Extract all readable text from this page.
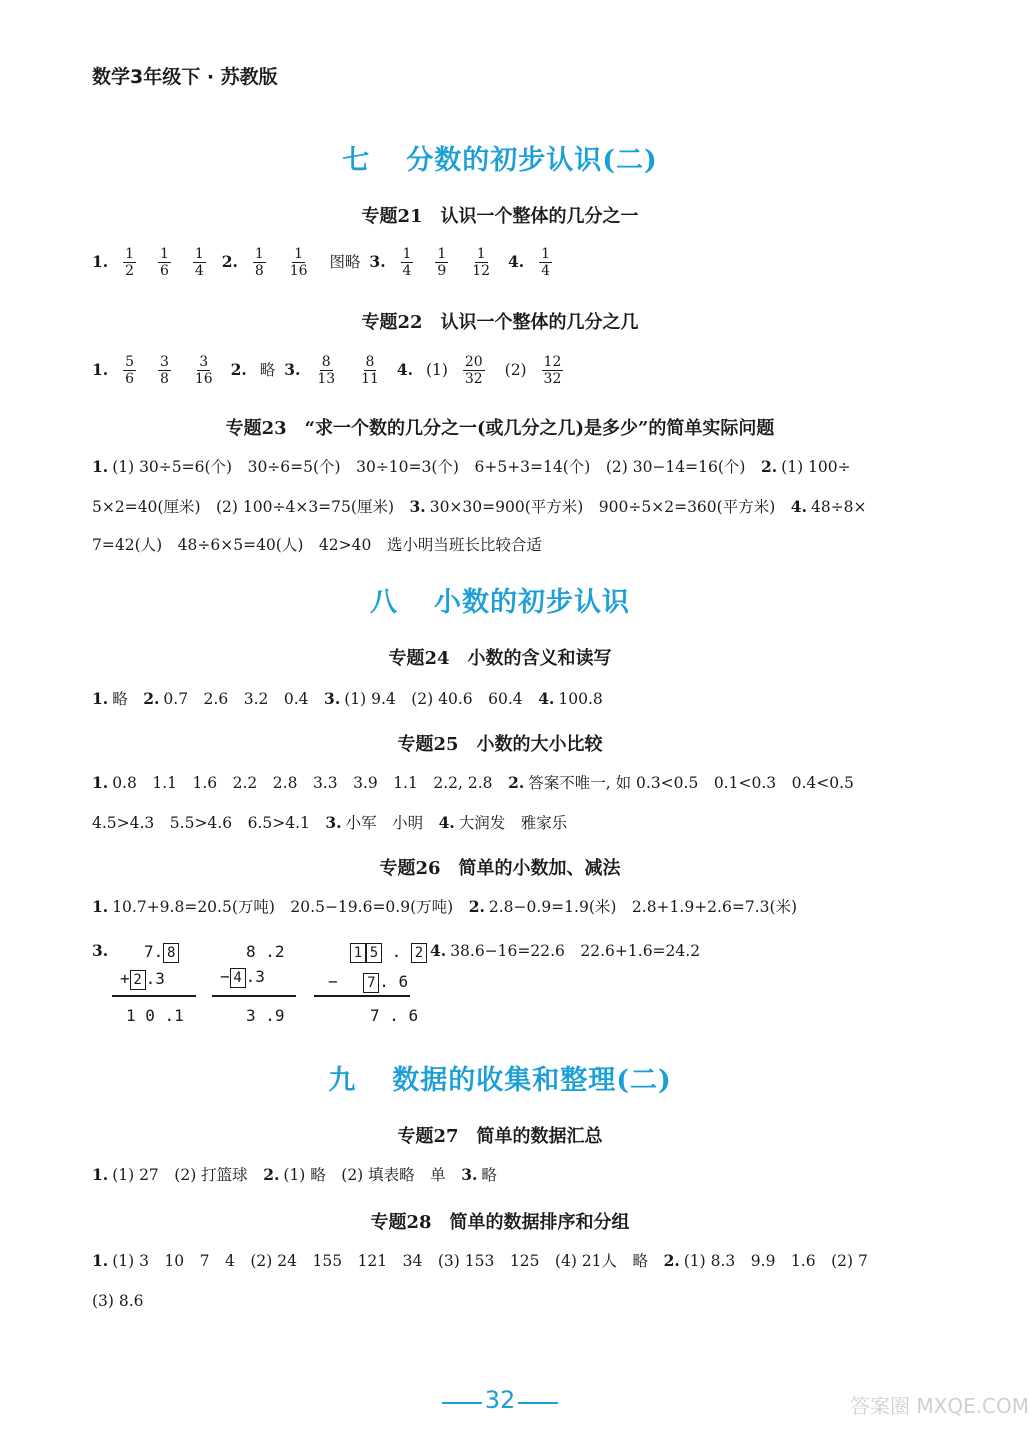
数学3年级下 · 苏教版
七 分数的初步认识(二)
专题21 认识一个整体的几分之一
1. $\frac{1}{2}$
$\frac{1}{6}$
$\frac{1}{4} 2$. $\frac{1}{8}$
$\frac{1}{16}$ 图略 3. $\frac{1}{4}$
$\frac{1}{9}$
$\frac{1}{12} 4$. $\frac{1}{4}$
专题22 认识一个整体的几分之几
1. $\frac{5}{6}$
$\frac{3}{8}$
$\frac{3}{16} 2$. 略 3. $\frac{8}{13}$
$\frac{8}{11} 4$. $(1) \frac{20}{32} (2) \frac{12}{32}$
专题23 “求一个数的几分之一(或几分之几)是多少”的简单实际问题
1. (1) 30÷5=6(个)　30÷6=5(个)　30÷10=3(个)　6+5+3=14(个)　(2) 30−14=16(个)　 2. (1) 100÷
5×2=40(厘米)　(2) 100÷4×3=75(厘米)　 3. 30×30=900(平方米)　900÷5×2=360(平方米)　 4. 48÷8×
7=42(人)　48÷6×5=40(人)　42>40　选小明当班长比较合适
八 小数的初步认识
专题24 小数的含义和读写
1. 略　 2. 0.7　2.6　3.2　0.4　 3. (1) 9.4　(2) 40.6　60.4　 4. 100.8
专题25 小数的大小比较
1. 0.8　1.1　1.6　2.2　2.8　3.3　3.9　1.1　2.2, 2.8　 2. 答案不唯一, 如 0.3<0.5　0.1<0.3　0.4<0.5
4.5>4.3　5.5>4.6　6.5>4.1　 3. 小军　小明　 4. 大润发　雅家乐
专题26 简单的小数加、减法
1. 10.7+9.8=20.5(万吨)　20.5−19.6=0.9(万吨)　 2. 2.8−0.9=1.9(米)　2.8+1.9+2.6=7.3(米)
3. 7. 8
+ 2 .3
1 0 .1
8 .2
− 4 .3
3 .9
1 5 . 2
−　 7 . 6
7 . 6
4. 38.6−16=22.6　22.6+1.6=24.2
九 数据的收集和整理(二)
专题27 简单的数据汇总
1. (1) 27　(2) 打篮球　 2. (1) 略　(2) 填表略　单　 3. 略
专题28 简单的数据排序和分组
1. (1) 3　10　7　4　(2) 24　155　121　34　(3) 153　125　(4) 21人　略　 2. (1) 8.3　9.9　1.6　(2) 7
(3) 8.6
32	答案圈 MXQE.COM
